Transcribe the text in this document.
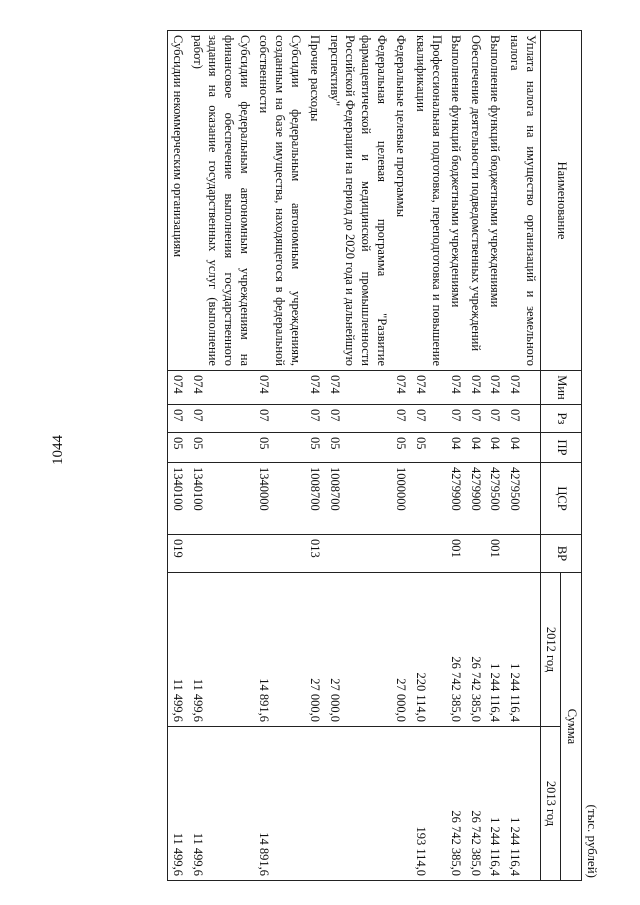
1044
(тыс. рублей)
Наименование	Мин	Рз	ПР	ЦСР	ВР	Сумма	
						2012 год	2013 год
Уплата налога на имущество организаций и земельного налога	074	07	04	4279500		1 244 116,4	1 244 116,4
Выполнение функций бюджетными учреждениями	074	07	04	4279500	001	1 244 116,4	1 244 116,4
Обеспечение деятельности подведомственных учреждений	074	07	04	4279900		26 742 385,0	26 742 385,0
Выполнение функций бюджетными учреждениями	074	07	04	4279900	001	26 742 385,0	26 742 385,0
Профессиональная подготовка, переподготовка и повышение квалификации	074	07	05			220 114,0	193 114,0
Федеральные целевые программы	074	07	05	1000000		27 000,0	
Федеральная целевая программа "Развитие фармацевтической и медицинской промышленности Российской Федерации на период до 2020 года и дальнейшую перспективу"	074	07	05	1008700		27 000,0	
Прочие расходы	074	07	05	1008700	013	27 000,0	
Субсидии федеральным автономным учреждениям, созданным на базе имущества, находящегося в федеральной собственности	074	07	05	1340000		14 891,6	14 891,6
Субсидии федеральным автономным учреждениям на финансовое обеспечение выполнения государственного задания на оказание государственных услуг (выполнение работ)	074	07	05	1340100		11 499,6	11 499,6
Субсидии некоммерческим организациям	074	07	05	1340100	019	11 499,6	11 499,6
